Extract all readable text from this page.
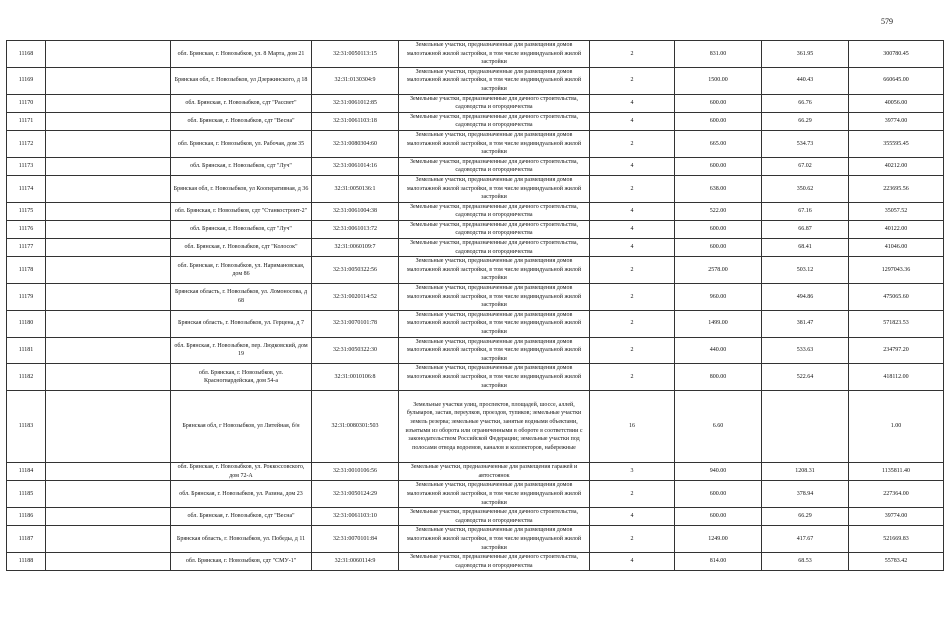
579
11168		обл. Брянская, г. Новозыбков, ул. 8 Марта, дом 21	32:31:0050113:15	Земельные участки, предназначенные для размещения домов малоэтажной жилой застройки, в том числе индивидуальной жилой застройки	2	831.00	361.95	300780.45
11169		Брянская обл, г. Новозыбков, ул Дзержинского, д 18	32:31:0130304:9	Земельные участки, предназначенные для размещения домов малоэтажной жилой застройки, в том числе индивидуальной жилой застройки	2	1500.00	440.43	660645.00
11170		обл. Брянская, г. Новозыбков, сдт "Рассвет"	32:31:0061012:85	Земельные участки, предназначенные для дачного строительства, садоводства и огородничества	4	600.00	66.76	40056.00
11171		обл. Брянская, г. Новозыбков, сдт "Весна"	32:31:0061103:18	Земельные участки, предназначенные для дачного строительства, садоводства и огородничества	4	600.00	66.29	39774.00
11172		обл. Брянская, г. Новозыбков, ул. Рабочая, дом 35	32:31:0080304:60	Земельные участки, предназначенные для размещения домов малоэтажной жилой застройки, в том числе индивидуальной жилой застройки	2	665.00	534.73	355595.45
11173		обл. Брянская, г. Новозыбков, сдт "Луч"	32:31:0061014:16	Земельные участки, предназначенные для дачного строительства, садоводства и огородничества	4	600.00	67.02	40212.00
11174		Брянская обл, г. Новозыбков, ул Кооперативная, д 36	32:31:0050136:1	Земельные участки, предназначенные для размещения домов малоэтажной жилой застройки, в том числе индивидуальной жилой застройки	2	638.00	350.62	223695.56
11175		обл. Брянская, г. Новозыбков, сдт "Станкостроит-2"	32:31:0061004:38	Земельные участки, предназначенные для дачного строительства, садоводства и огородничества	4	522.00	67.16	35057.52
11176		обл. Брянская, г. Новозыбков, сдт "Луч"	32:31:0061013:72	Земельные участки, предназначенные для дачного строительства, садоводства и огородничества	4	600.00	66.87	40122.00
11177		обл. Брянская, г. Новозыбков, сдт "Колосок"	32:31:0060109:7	Земельные участки, предназначенные для дачного строительства, садоводства и огородничества	4	600.00	68.41	41046.00
11178		обл. Брянская, г. Новозыбков, ул. Наримановская, дом 86	32:31:0050322:56	Земельные участки, предназначенные для размещения домов малоэтажной жилой застройки, в том числе индивидуальной жилой застройки	2	2578.00	503.12	1297043.36
11179		Брянская область, г. Новозыбков, ул. Ломоносова, д 68	32:31:0020114:52	Земельные участки, предназначенные для размещения домов малоэтажной жилой застройки, в том числе индивидуальной жилой застройки	2	960.00	494.86	475065.60
11180		Брянская область, г. Новозыбков, ул. Герцена, д 7	32:31:0070101:78	Земельные участки, предназначенные для размещения домов малоэтажной жилой застройки, в том числе индивидуальной жилой застройки	2	1499.00	381.47	571823.53
11181		обл. Брянская, г. Новозыбков, пер. Людковский, дом 19	32:31:0050322:30	Земельные участки, предназначенные для размещения домов малоэтажной жилой застройки, в том числе индивидуальной жилой застройки	2	440.00	533.63	234797.20
11182		обл. Брянская, г. Новозыбков, ул. Красногвардейская, дом 54-а	32:31:0010106:8	Земельные участки, предназначенные для размещения домов малоэтажной жилой застройки, в том числе индивидуальной жилой застройки	2	800.00	522.64	418112.00
11183		Брянская обл, г Новозыбков, ул Литейная, б/н	32:31:0080301:503	Земельные участки улиц, проспектов, площадей, шоссе, аллей, бульваров, застав, переулков, проездов, тупиков; земельные участки земель резерва; земельные участки, занятые водными объектами, изъятыми из оборота или ограниченными в обороте в соответствии с законодательством Российской Федерации; земельные участки под полосами отвода водоемов, каналов и коллекторов, набережные	16	6.60		1.00
11184		обл. Брянская, г. Новозыбков, ул. Роккоссовского, дом 72-А	32:31:0010106:56	Земельные участки, предназначенные для размещения гаражей и автостоянок	3	940.00	1208.31	1135811.40
11185		обл. Брянская, г. Новозыбков, ул. Разина, дом 23	32:31:0050124:29	Земельные участки, предназначенные для размещения домов малоэтажной жилой застройки, в том числе индивидуальной жилой застройки	2	600.00	378.94	227364.00
11186		обл. Брянская, г. Новозыбков, сдт "Весна"	32:31:0061103:10	Земельные участки, предназначенные для дачного строительства, садоводства и огородничества	4	600.00	66.29	39774.00
11187		Брянская область, г. Новозыбков, ул. Победы, д 11	32:31:0070101:84	Земельные участки, предназначенные для размещения домов малоэтажной жилой застройки, в том числе индивидуальной жилой застройки	2	1249.00	417.67	521669.83
11188		обл. Брянская, г. Новозыбков, сдт "СМУ-1"	32:31:0060114:9	Земельные участки, предназначенные для дачного строительства, садоводства и огородничества	4	814.00	68.53	55783.42
